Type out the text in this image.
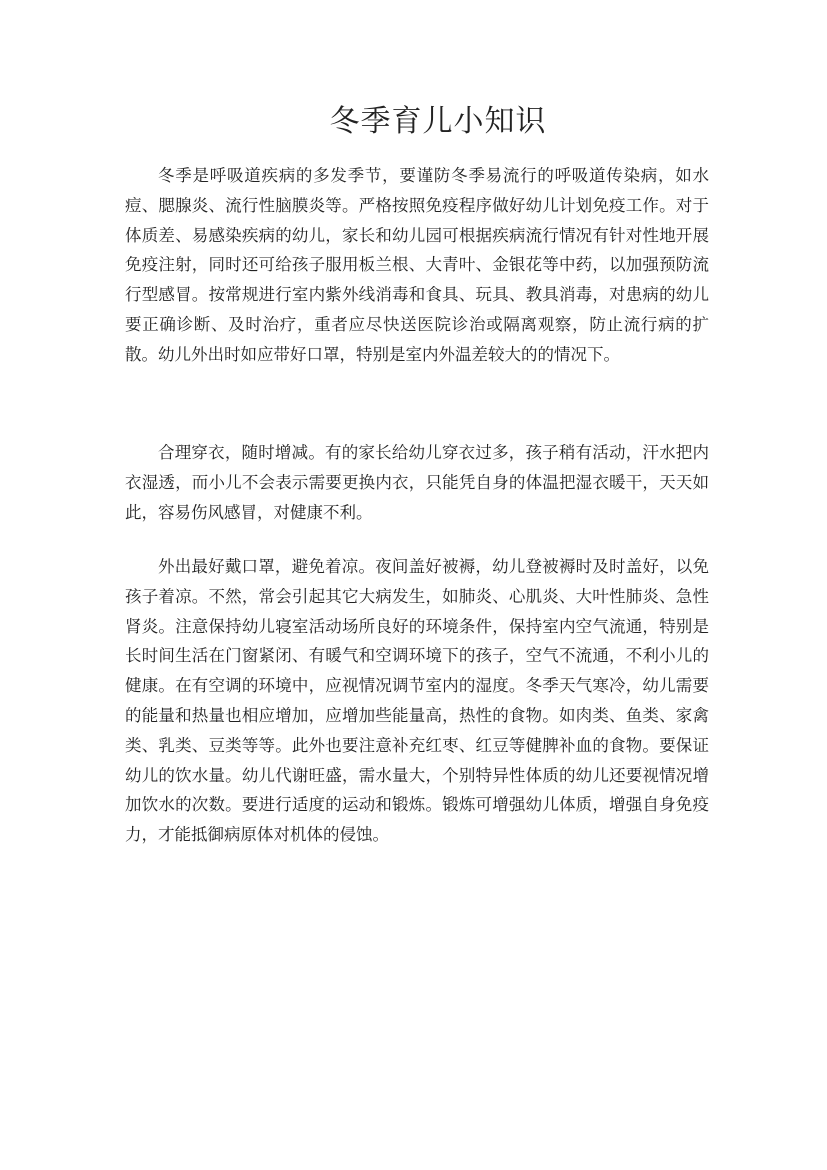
冬季育儿小知识

冬季是呼吸道疾病的多发季节，要谨防冬季易流行的呼吸道传染病，如水痘、腮腺炎、流行性脑膜炎等。严格按照免疫程序做好幼儿计划免疫工作。对于体质差、易感染疾病的幼儿，家长和幼儿园可根据疾病流行情况有针对性地开展免疫注射，同时还可给孩子服用板兰根、大青叶、金银花等中药，以加强预防流行型感冒。按常规进行室内紫外线消毒和食具、玩具、教具消毒，对患病的幼儿要正确诊断、及时治疗，重者应尽快送医院诊治或隔离观察，防止流行病的扩散。幼儿外出时如应带好口罩，特别是室内外温差较大的的情况下。

合理穿衣，随时增减。有的家长给幼儿穿衣过多，孩子稍有活动，汗水把内衣湿透，而小儿不会表示需要更换内衣，只能凭自身的体温把湿衣暖干，天天如此，容易伤风感冒，对健康不利。

外出最好戴口罩，避免着凉。夜间盖好被褥，幼儿登被褥时及时盖好，以免孩子着凉。不然，常会引起其它大病发生，如肺炎、心肌炎、大叶性肺炎、急性肾炎。注意保持幼儿寝室活动场所良好的环境条件，保持室内空气流通，特别是长时间生活在门窗紧闭、有暖气和空调环境下的孩子，空气不流通，不利小儿的健康。在有空调的环境中，应视情况调节室内的湿度。冬季天气寒冷，幼儿需要的能量和热量也相应增加，应增加些能量高，热性的食物。如肉类、鱼类、家禽类、乳类、豆类等等。此外也要注意补充红枣、红豆等健脾补血的食物。要保证幼儿的饮水量。幼儿代谢旺盛，需水量大，个别特异性体质的幼儿还要视情况增加饮水的次数。要进行适度的运动和锻炼。锻炼可增强幼儿体质，增强自身免疫力，才能抵御病原体对机体的侵蚀。
